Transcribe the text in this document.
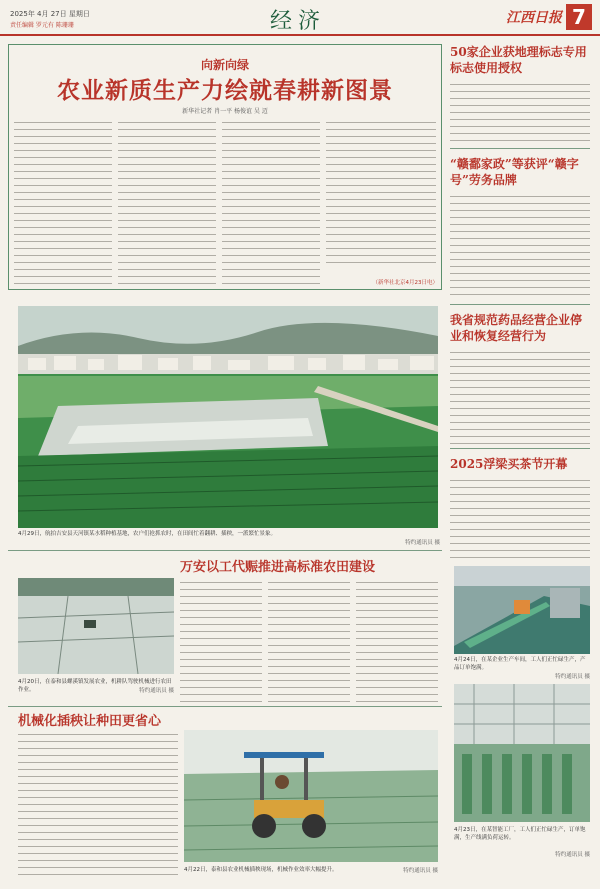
2025年 4月 27日 星期日
责任编辑 罗元有 陈珊珊	经济	江西日报 7
向新向绿
农业新质生产力绘就春耕新图景
新华社记者 肖一平 杨俊谊 吴 迈
（新华社北京4月23日电）
4月29日，航拍吉安县天河镇某水稻种植基地，农户们抢抓农时，在田间忙着翻耕、插秧，一派繁忙景象。
特约通讯员 摄
50家企业获地理标志专用标志使用授权
“赣鄱家政”等获评“赣字号”劳务品牌
我省规范药品经营企业停业和恢复经营行为
2025浮梁买茶节开幕
4月24日，在某企业生产车间，工人们正忙碌生产，产品订单饱满。
特约通讯员 摄
4月23日，在某智能工厂，工人们正忙碌生产，订单饱满，生产线满负荷运转。
特约通讯员 摄
万安以工代赈推进高标准农田建设
4月20日，在泰和县螺溪镇发展农业，机耕队驾驶机械进行农田作业。	特约通讯员 摄
机械化插秧让种田更省心
4月22日，泰和县农业机械插秧现场，机械作业效率大幅提升。	特约通讯员 摄
